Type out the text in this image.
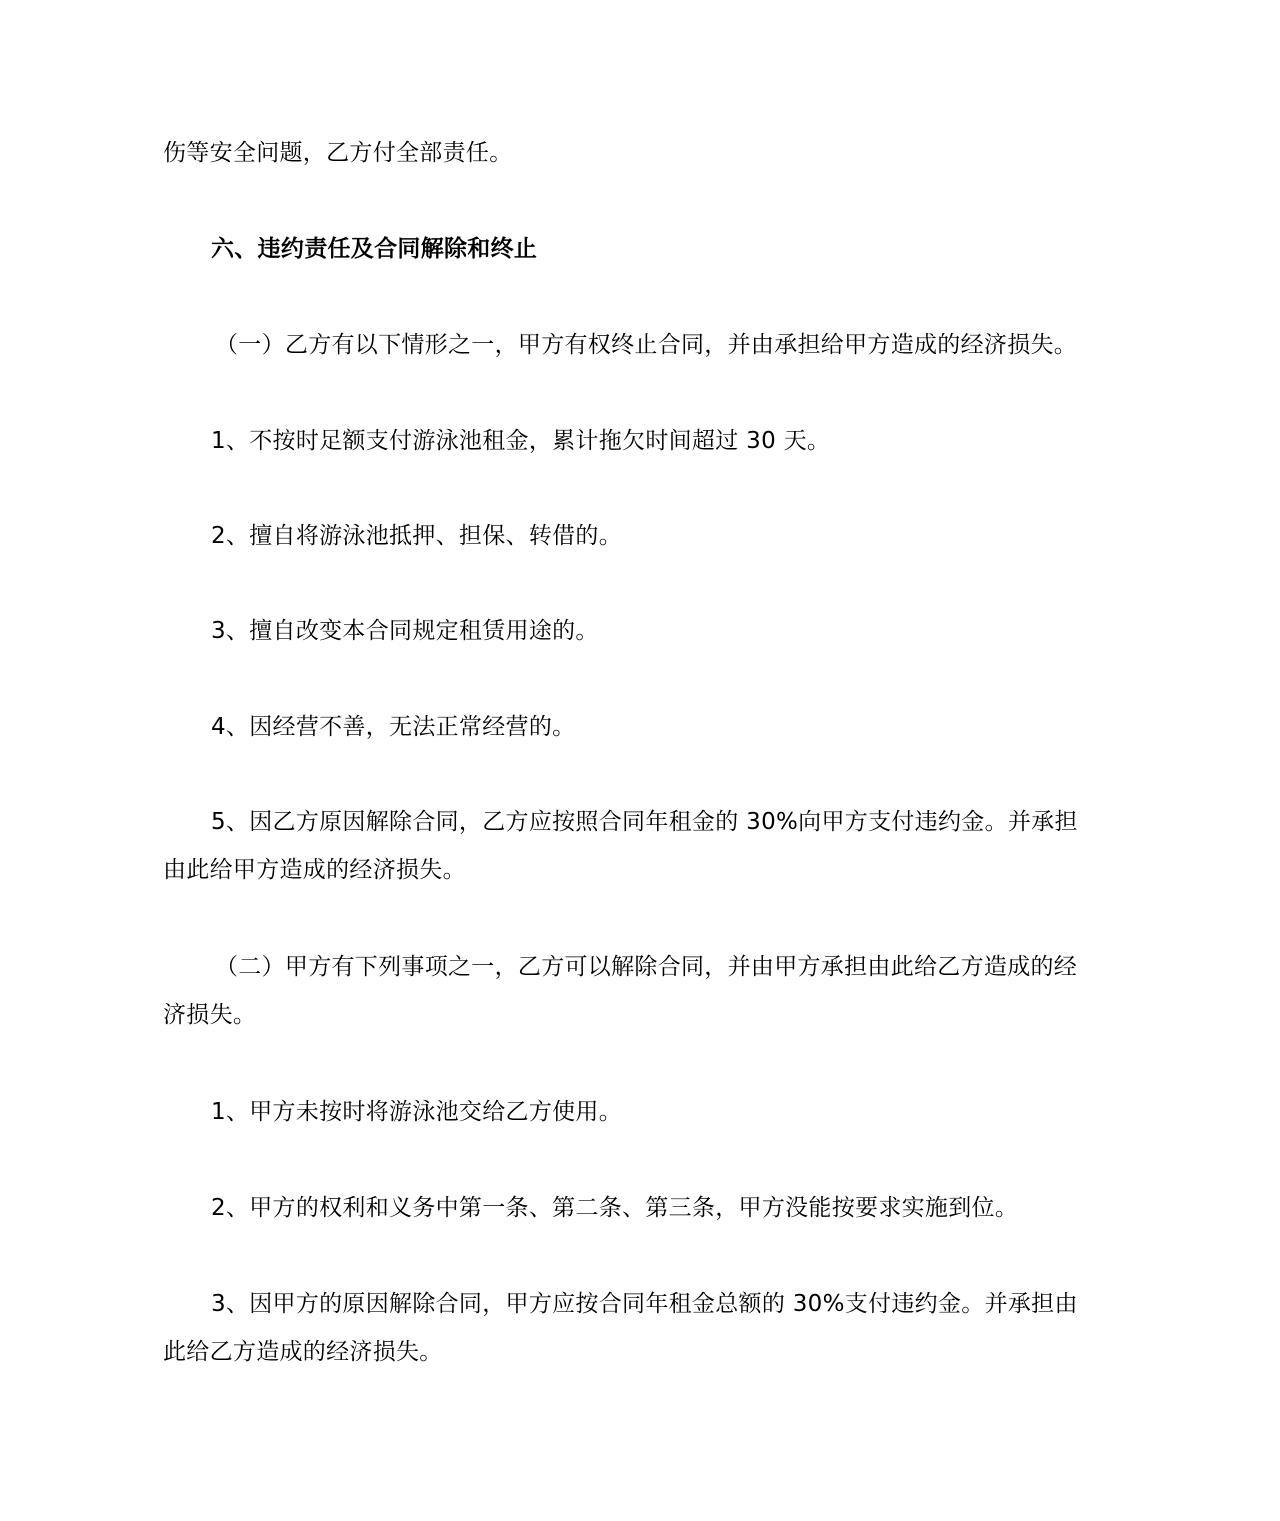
伤等安全问题，乙方付全部责任。
六、违约责任及合同解除和终止
（一）乙方有以下情形之一，甲方有权终止合同，并由承担给甲方造成的经济损失。
1、不按时足额支付游泳池租金，累计拖欠时间超过 30 天。
2、擅自将游泳池抵押、担保、转借的。
3、擅自改变本合同规定租赁用途的。
4、因经营不善，无法正常经营的。
5、因乙方原因解除合同，乙方应按照合同年租金的 30%向甲方支付违约金。并承担
由此给甲方造成的经济损失。
（二）甲方有下列事项之一，乙方可以解除合同，并由甲方承担由此给乙方造成的经
济损失。
1、甲方未按时将游泳池交给乙方使用。
2、甲方的权利和义务中第一条、第二条、第三条，甲方没能按要求实施到位。
3、因甲方的原因解除合同，甲方应按合同年租金总额的 30%支付违约金。并承担由
此给乙方造成的经济损失。
